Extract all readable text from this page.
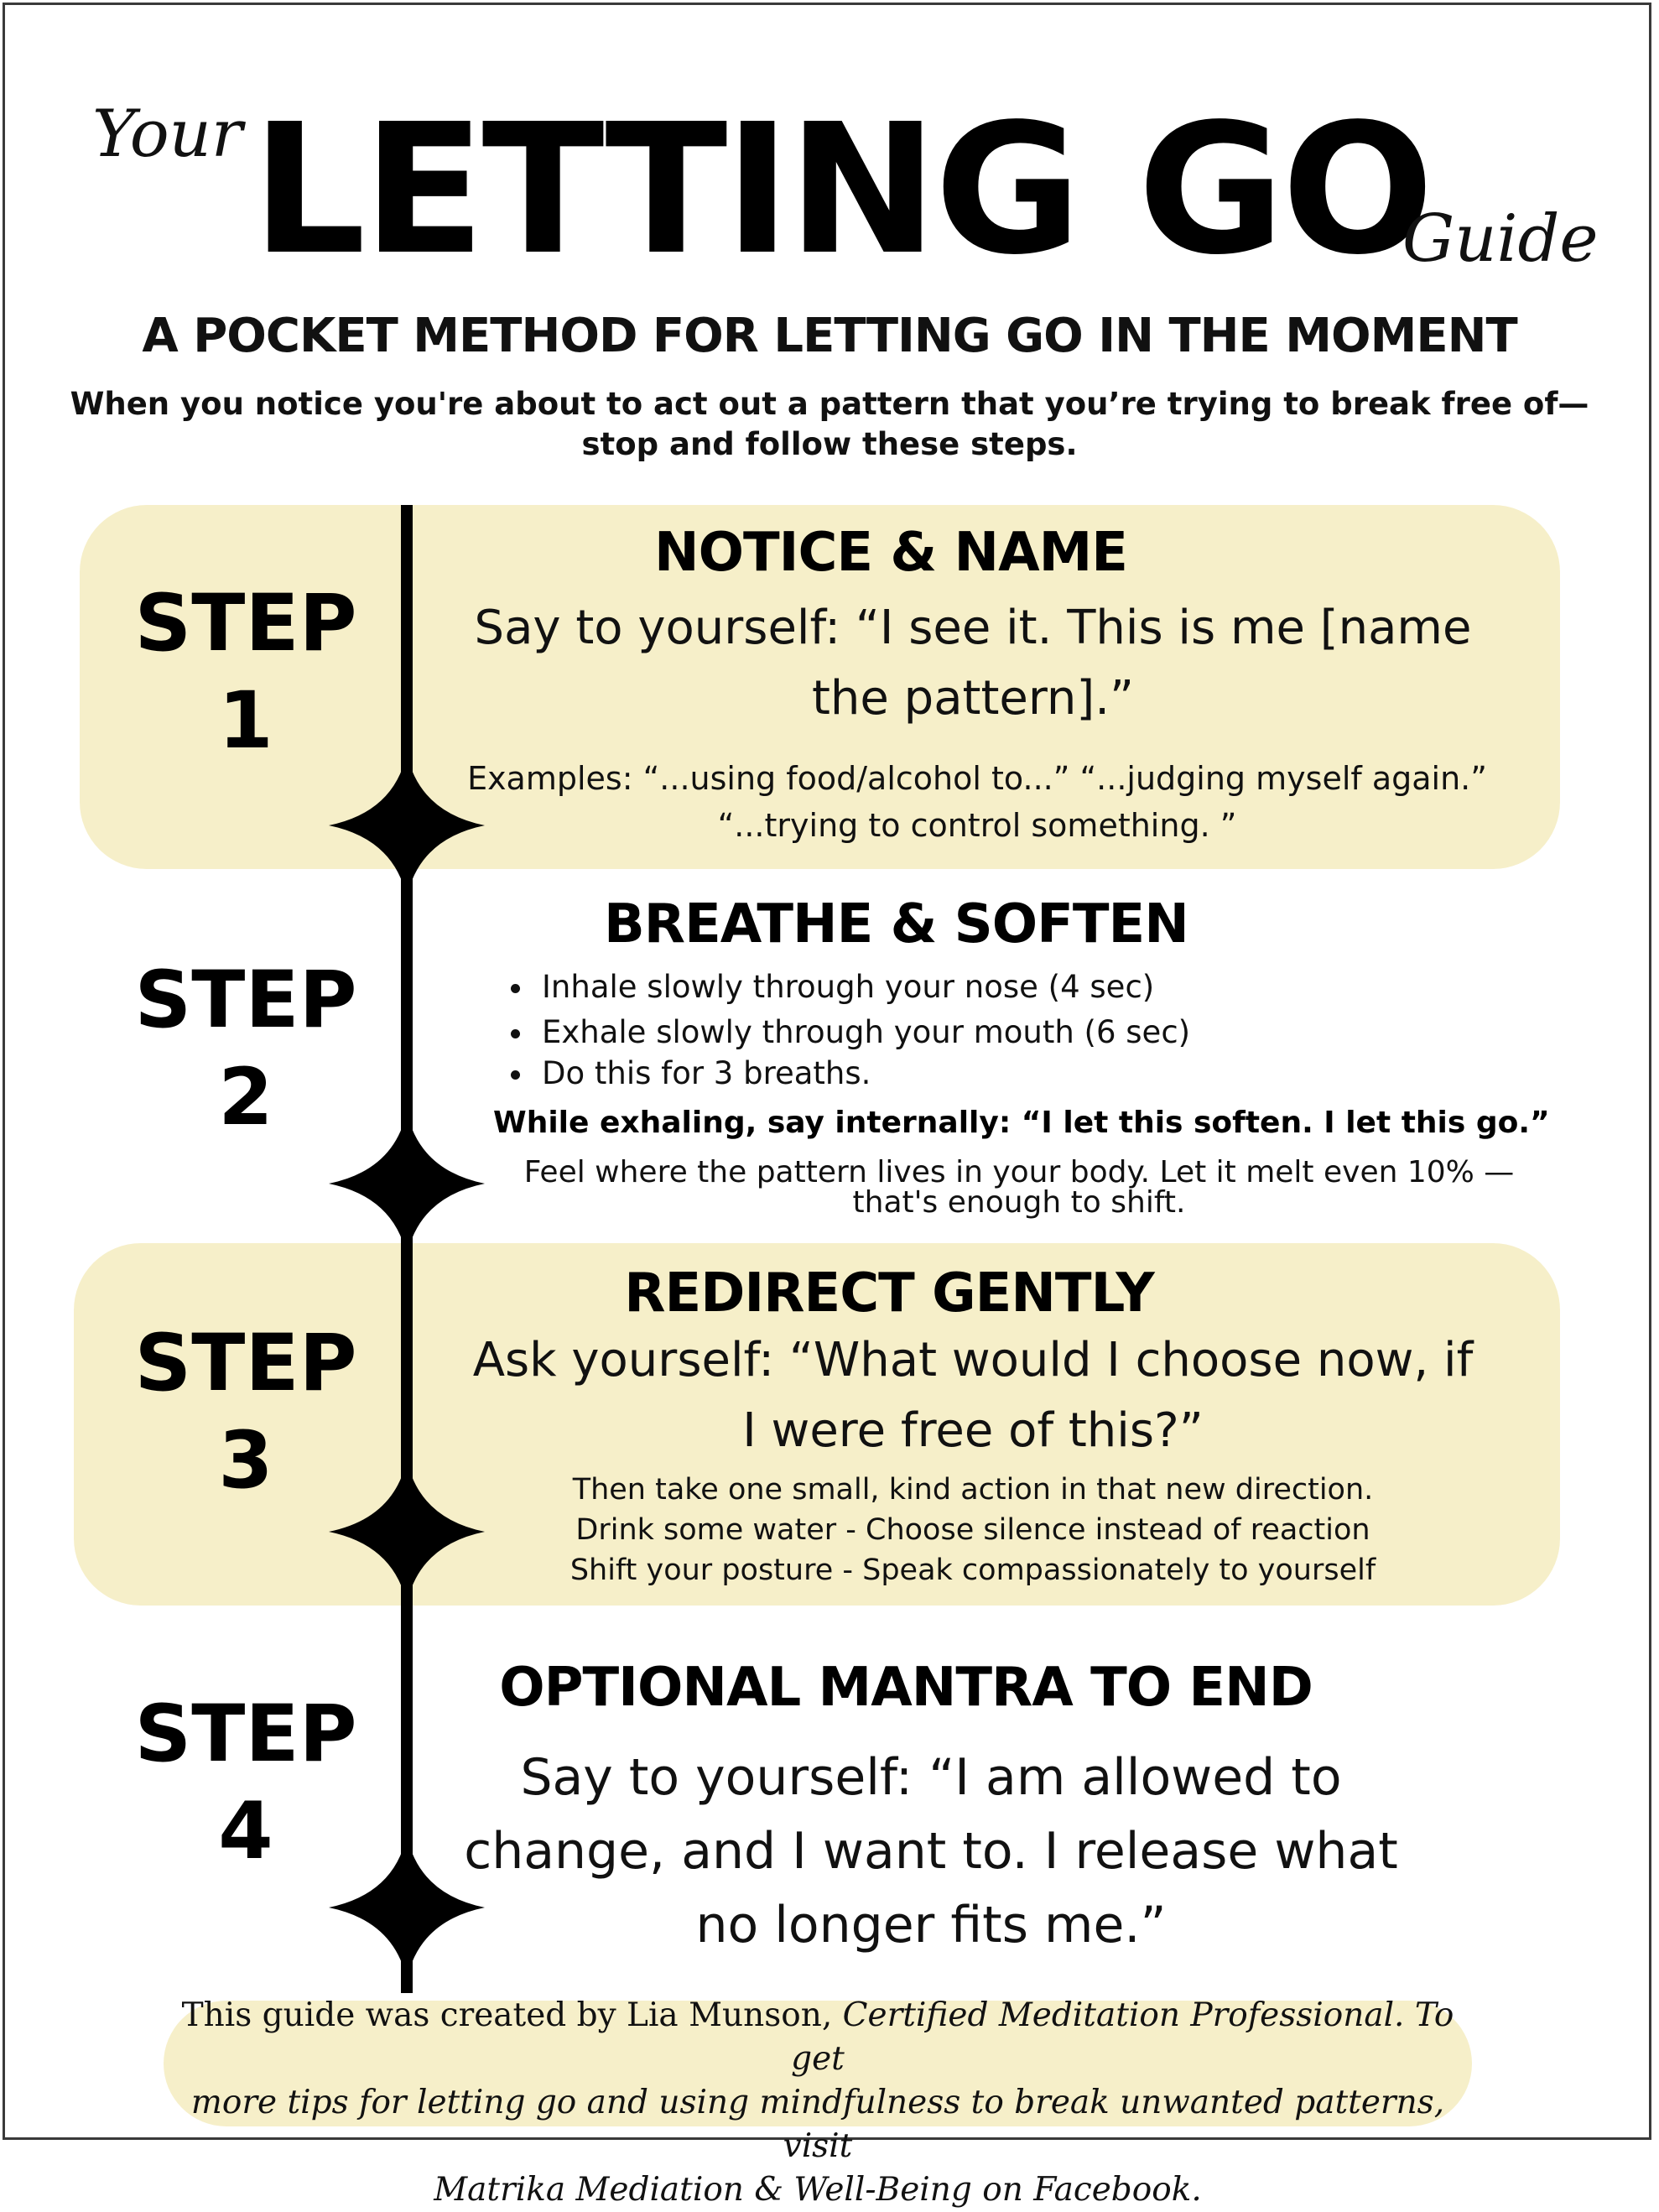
Your LETTING GO
Guide
A POCKET METHOD FOR LETTING GO IN THE MOMENT
When you notice you're about to act out a pattern that you’re trying to break free of—
stop and follow these steps.
STEP
1
STEP
2
STEP
3
STEP
4
NOTICE & NAME
Say to yourself: “I see it. This is me [name
the pattern].”
Examples: “...using food/alcohol to...” “...judging myself again.”
“...trying to control something. ”
BREATHE & SOFTEN
• Inhale slowly through your nose (4 sec)
• Exhale slowly through your mouth (6 sec)
• Do this for 3 breaths.
While exhaling, say internally: “I let this soften. I let this go.”
Feel where the pattern lives in your body. Let it melt even 10% —
that's enough to shift.
REDIRECT GENTLY
Ask yourself: “What would I choose now, if
I were free of this?”
Then take one small, kind action in that new direction.
Drink some water - Choose silence instead of reaction
Shift your posture - Speak compassionately to yourself
OPTIONAL MANTRA TO END
Say to yourself: “I am allowed to
change, and I want to. I release what
no longer fits me.”
This guide was created by Lia Munson, Certified Meditation Professional. To get
more tips for letting go and using mindfulness to break unwanted patterns, visit
Matrika Mediation & Well-Being on Facebook.
